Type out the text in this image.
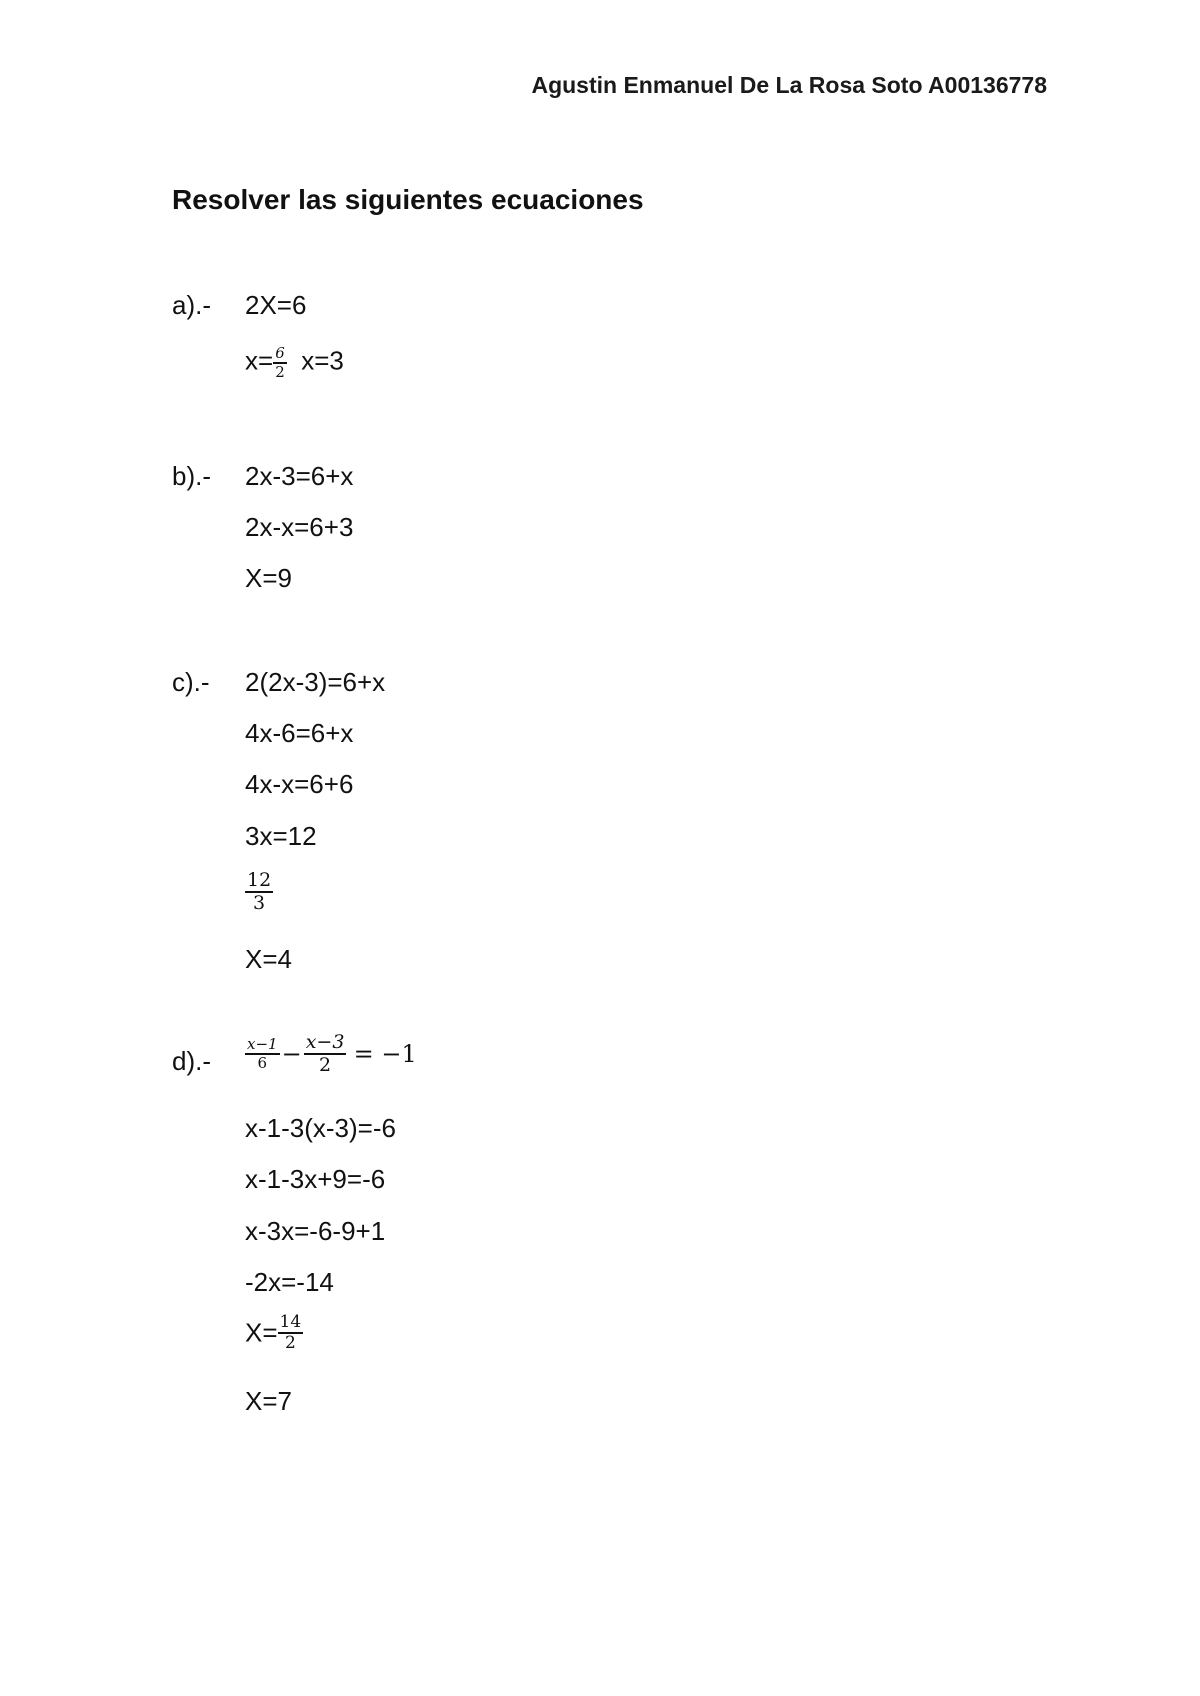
Agustin Enmanuel De La Rosa Soto A00136778
Resolver las siguientes ecuaciones
a).- 2X=6
$x= \frac{6}{2} x=3$
b).- 2x-3=6+x
2x-x=6+3
X=9
c).- 2(2x-3)=6+x
4x-6=6+x
4x-x=6+6
3x=12
$\frac{12}{3}$
X=4
$d).- \frac{x-1}{6} - \frac{x-3}{2} = -1$
x-1-3(x-3)=-6
x-1-3x+9=-6
x-3x=-6-9+1
-2x=-14
$X= \frac{14}{2}$
X=7
